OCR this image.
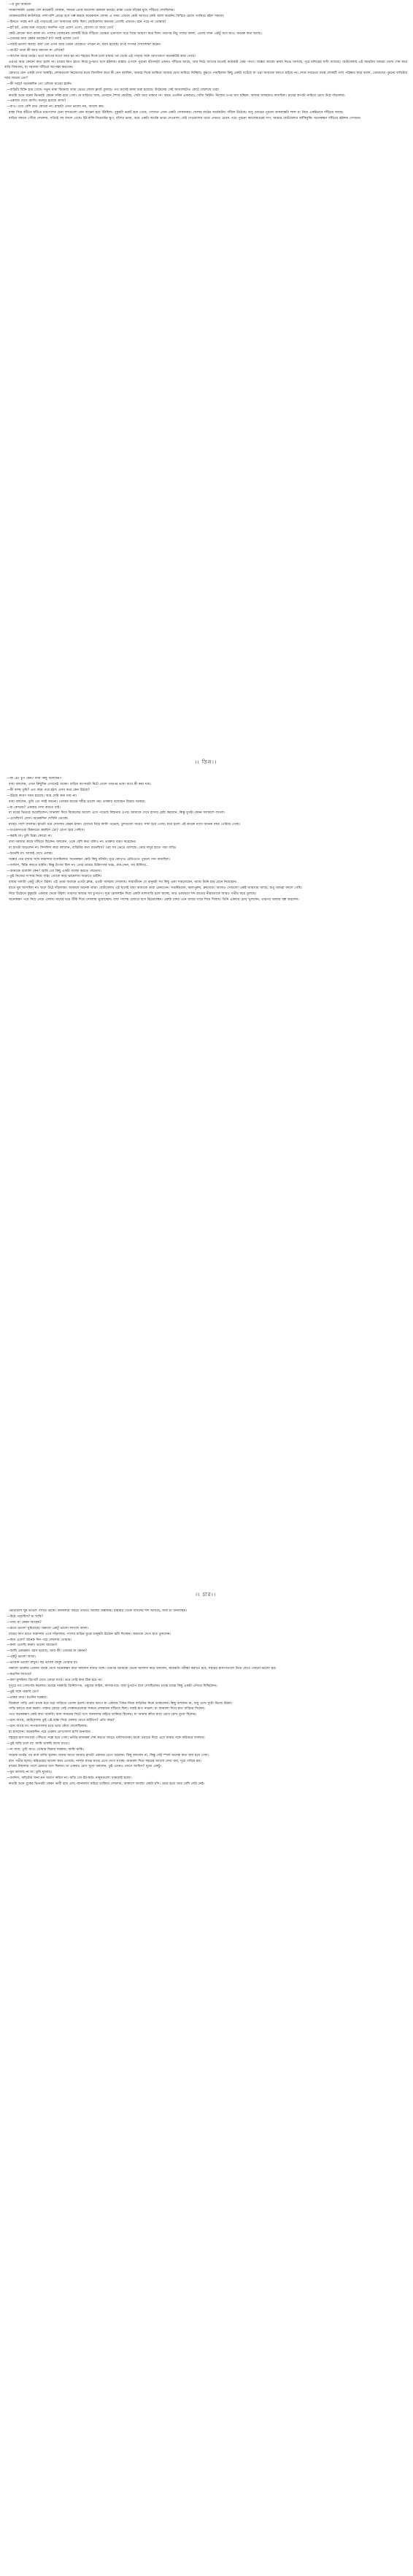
—ই তুম আমনে!

সামনাসামনি এরকম বেশ কয়েকটি দোকান, সামনে তোর আলোয় ঝলমল করছে। রাস্তা থেকে বাঁকের মুখে দাঁড়িয়ে দেখছিলাম।

দোকানগুলির কাউন্টারে পাশাপাশি বেঞ্চে বসে গল্প করছে কয়েকজন লোক। এ সময় এখানে কেউ আসবে কেউ আশা করেনি। বিস্মিত চোখে তাকিয়ে রইল সকলে।

—চিনতে পারছ না? এই পাড়াতেই তো আমাদের বাড়ি ছিল। ছোটবেলায় কতবার এসেছি এখানে। মনে পড়ে না তোমার?

—হ্যাঁ হ্যাঁ, এবার মনে পড়েছে। কতদিন পরে এলে! এসো, বোসো। চা খাবে তো?

কেউ কোনো কথা বলল না। পাশের দোকানের লোকটি উঠে দাঁড়িয়ে বেঞ্চের একপাশে সরে গিয়ে জায়গা করে দিল। তারপর নিচু গলায় বলল, এসেছ যখন একটু বসে যাও। অনেক কথা আছে।

—তোমার বাবা কেমন আছেন? মা? সবাই ভালো তো?

—সবাই ভালো আছে। বাবা তো এখন আর তেমন বেরোতে পারেন না, বয়স হয়েছে। মা-ই সংসার দেখাশোনা করেন।

—তা-ই? তারা কী আর আসেন না এদিকে?

—আসেন মাঝে মাঝে। তবে আগের মতো আর হয় না। শহরের দিকে চলে যাবার পর থেকে এই পাড়ার সঙ্গে যোগাযোগ অনেকটাই কমে গেছে।

এরপর আর কোনো কথা হলো না। চায়ের কাপ হাতে নিয়ে চুপচাপ বসে রইলাম। রাস্তার ওপাশে পুরনো বটগাছটা এখনও দাঁড়িয়ে আছে, তার নিচে আগের মতোই কয়েকটা বেঞ্চ পাতা। সন্ধের আলো ক্রমশ নিভে আসছে, দূরে মন্দিরের ঘণ্টা বাজছে। ছোটবেলায় এই সময়টায় আমরা খেলা শেষ করে বাড়ি ফিরতাম, মা দরজায় দাঁড়িয়ে অপেক্ষা করতেন।

কোথাও যেন একটা চাপা অস্বস্তি। লোকগুলো নিজেদের মধ্যে ফিসফিস করে কী যেন বলছিল, আমার দিকে তাকিয়ে আবার চোখ নামিয়ে নিচ্ছিল। বুঝতে পারছিলাম কিছু একটা ঘটেছে যা ওরা আমাকে বলতে চাইছে না। শেষে সবচেয়ে বয়স্ক লোকটি গলা পরিষ্কার করে বলল, তোমাদের পুরনো বাড়িটার খবর জানো তো?

—কী খবর? অনেকদিন তো ওদিকে যাওয়া হয়নি।

—বাড়িটা বিক্রি হয়ে গেছে। নতুন যারা কিনেছে তারা ভেঙে ফেলে ফ্ল্যাট তুলছে। গত মাসেই কাজ শুরু হয়েছে। উঠোনের সেই আমগাছটাও কেটে ফেলেছে ওরা।

কথাটা শুনে মনের ভিতরটা কেমন ফাঁকা হয়ে গেল। যে বাড়িতে জন্ম, যেখানে শৈশব কেটেছে, সেটা আর থাকবে না। অথচ এতদিন একবারও খোঁজ নিইনি। নিজের ওপর রাগ হচ্ছিল, আবার অসহায়ও লাগছিল। চায়ের কাপটা নামিয়ে রেখে উঠে দাঁড়ালাম।

—একবার দেখে আসি। কতদূর হয়েছে কাজ?

—যাও। তবে বেশি রাত কোরো না। রাস্তাটা এখন ভালো নয়, আলো কম।

রাস্তা দিয়ে হাঁটতে হাঁটতে চারপাশের চেনা দৃশ্যগুলো যেন অচেনা হয়ে উঠছিল। পুকুরটা ভরাট হয়ে গেছে, সেখানে এখন একটা দোকানঘর। খেলার মাঠের অর্ধেকটায় পাঁচিল উঠেছে। শুধু মোড়ের পুরনো ডাকবাক্সটা লাল রং নিয়ে একইভাবে দাঁড়িয়ে আছে।

বাড়ির সামনে পৌঁছে দেখলাম, সত্যিই সব বদলে গেছে। ইট-বালি-সিমেন্টের স্তূপ, বাঁশের ভারা, আর একটা অর্ধেক ভাঙা দেওয়াল। সেই দেওয়ালের গায়ে এখনও চোখে পড়ে পুরনো ক্যালেন্ডারের দাগ, আমার ছোটবেলার আঁকিবুকি। অনেকক্ষণ দাঁড়িয়ে রইলাম সেখানে।

।। তিন।।

—কী রে? চুপ কেন? বাবা কিছু বলেছেন?

বাবা বললেন, এখন কিছুদিন এখানেই থাকো। বাড়ির ব্যাপারটা মিটে গেলে তারপর ভাবা যাবে কী করা যায়।

—কী বলছ তুমি? এত বছর পরে হঠাৎ এসব কথা কেন উঠছে?

—উঠছে কারণ সময় হয়েছে। আর দেরি করা যায় না।

বাবা বললেন, তুমি তো সবই জানো। তোমার মায়ের শরীর ভালো নয়। ডাক্তার বলেছেন বিশ্রাম দরকার।

—মা কোথায়? একবার দেখা করতে চাই।

মা ঘরের ভিতরে শুয়েছিলেন। জানালা দিয়ে বিকেলের আলো এসে পড়েছে বিছানার ওপর। আমাকে দেখে হাসার চেষ্টা করলেন, কিন্তু মুখটা কেমন ফ্যাকাশে লাগল।

—এসেছিস? বোস। অনেকদিন দেখিনি তোকে।

মায়ের পাশে বসলাম। হাতটা ধরে দেখলাম কেমন ঠান্ডা। চোখের নিচে কালি পড়েছে, চুলগুলো আরও সাদা হয়ে গেছে। মনে হলো এই কয়েক মাসে অনেক বছর পেরিয়ে গেছে।

—খাওয়াদাওয়া ঠিকমতো করছিস তো? রোগা হয়ে গেছিস।

—করছি মা। তুমি চিন্তা কোরো না।

বাবা দরজার কাছে দাঁড়িয়ে ছিলেন। বললেন, ওকে বেশি কথা বলিও না। ডাক্তার বারণ করেছেন।

মা হাতটা ছাড়লেন না। ফিসফিস করে বললেন, বাড়িটার কথা শুনেছিস? ওরা সব ভেঙে ফেলছে। তোর দাদুর হাতে গড়া বাড়ি।

—শুনেছি মা। আজই দেখে এলাম।

সন্ধের পরে বাবার সঙ্গে বারান্দায় বসেছিলাম। অনেকক্ষণ কেউ কিছু বলিনি। দূরে কোথাও রেডিওতে পুরনো গান বাজছিল।

—জানিস, বিক্রি করতে চাইনি। কিন্তু উপায় ছিল না। তোর মায়ের চিকিৎসার খরচ, ধার-দেনা, সব মিলিয়ে...

—আমাকে বলোনি কেন? আমি তো কিছু একটা ব্যবস্থা করতে পারতাম।

—তুই নিজের সংসার নিয়ে ব্যস্ত। তোকে আর ঝামেলায় জড়াতে চাইনি।

বাবার গলাটা একটু কেঁপে উঠল। এই প্রথম বাবাকে এতটা ক্লান্ত, এতটা অসহায় দেখলাম। সারাজীবন যে মানুষটা সব কিছু একা সামলেছেন, আজ তিনি হার মেনে নিয়েছেন।

রাতে ঘুম আসছিল না। ছাদে উঠে দাঁড়ালাম। আকাশে অনেক তারা। ছোটবেলায় এই ছাদেই বাবা আমাকে তারা চেনাতেন। সপ্তর্ষিমণ্ডল, কালপুরুষ, ধ্রুবতারা। আজও সেগুলো একই জায়গায় আছে, শুধু আমরা বদলে গেছি।

নিচে উঠোনে কুকুরটা একবার ডেকে উঠল। তারপর আবার সব চুপচাপ। দূরে রেললাইন দিয়ে একটা মালগাড়ি চলে যাচ্ছে, তার একঘেয়ে শব্দ রাতের নীরবতাকে আরও গভীর করে তুলছে।

অনেকক্ষণ পরে নিচে নেমে এলাম। মায়ের ঘরে উঁকি দিয়ে দেখলাম ঘুমোচ্ছেন। বাবা পাশের চেয়ারে বসে ঝিমোচ্ছেন। একটা চাদর এনে বাবার গায়ে দিয়ে দিলাম। তিনি একবার চোখ খুললেন, তারপর আবার বন্ধ করলেন।

।। চার।।

ভোরবেলা ঘুম ভাঙল পাখির ডাকে। জানালার বাইরে তখনও আবছা অন্ধকার। রান্নাঘর থেকে বাসনের শব্দ আসছে, বাবা চা বানাচ্ছেন।

—উঠে পড়েছিস? চা খাবি?

—খাব। মা কেমন আছেন?

—রাতে ভালো ঘুমিয়েছে। সকালে একটু ভালো লাগছে বলল।

চায়ের কাপ হাতে বারান্দায় এসে দাঁড়ালাম। পাশের বাড়ির বুড়ো মানুষটা উঠোন ঝাঁট দিচ্ছেন। আমাকে দেখে হাত তুললেন।

—কবে এলে? অনেক দিন পরে দেখলাম তোমায়।

—কাল এসেছি কাকা। ভালো আছেন?

—আছি একরকম। বয়স হয়েছে, আর কী। তোমার মা কেমন?

—একটু ভালো আজ।

—ভগবান ভালো রাখুন। বড় ভালো মানুষ তোমার মা।

সকালে ডাক্তার এলেন। মাকে দেখে অনেকক্ষণ কথা বললেন বাবার সঙ্গে। তারপর আমাকে ডেকে আলাদা করে বললেন, কয়েকটা পরীক্ষা করাতে হবে, শহরের হাসপাতালে নিয়ে যেতে পারলে ভালো হয়।

—কতদিন লাগবে?

—বলা মুশকিল। রিপোর্ট দেখে বোঝা যাবে। তবে দেরি করা ঠিক হবে না।

দুপুরে সব গোছগাছ করলাম। মায়ের দরকারি জিনিসপত্র, ওষুধের ফাইল, কাগজপত্র। বাবা চুপচাপ বসে দেখছিলেন। মাঝে মাঝে কিছু একটা এগিয়ে দিচ্ছিলেন।

—তুই সঙ্গে থাকবি তো?

—থাকব বাবা। যতদিন দরকার।

বিকেলে গাড়ি এল। মাকে ধরে ধরে গাড়িতে তোলা হলো। যাবার আগে মা একবার পিছন ফিরে বাড়িটার দিকে তাকালেন। কিছু বললেন না, শুধু চোখ দুটো ভিজে উঠল।

গাড়ি চলতে শুরু করল। পাড়ার মোড়ে সেই দোকানগুলোর সামনে লোকজন দাঁড়িয়ে ছিল। সবাই হাত নাড়ল। মা জানালা দিয়ে হাত বাড়িয়ে দিলেন।

পথে অনেকক্ষণ কেউ কথা বলেনি। বাবা সামনের সিটে বসে জানালার বাইরে তাকিয়ে ছিলেন। মা আমার কাঁধে মাথা রেখে চোখ বুজে ছিলেন।

—মনে আছে, ছোটবেলায় তুই এই রাস্তা দিয়ে মেলায় যেতে চাইতিস? প্রতি বছর?

—মনে আছে মা। নাগরদোলায় চড়ে ভয়ে কেঁদে ফেলেছিলাম।

মা হাসলেন। অনেকদিন পরে এরকম প্রাণখোলা হাসি শুনলাম।

শহরের হাসপাতালে পৌঁছতে সন্ধে হয়ে গেল। ভর্তির কাজকর্ম শেষ করতে আরও ঘণ্টাখানেক। মাকে ওয়ার্ডে দিয়ে এসে বাবার সঙ্গে করিডরে বসলাম।

—তুই বাড়ি চলে যা। আমি থাকছি আজ রাতে।

—না বাবা, তুমি যাও। তোমার বিশ্রাম দরকার। আমি থাকি।

অনেক তর্কের পর বাবা রাজি হলেন। যাবার আগে আমার হাতটা একবার চেপে ধরলেন। কিছু বললেন না, কিন্তু সেই স্পর্শে অনেক কথা বলা হয়ে গেল।

রাত গভীর হলো। করিডরের আলো কমে এসেছে। নার্সরা মাঝে মাঝে এসে দেখে যাচ্ছে। জানালা দিয়ে শহরের আলো দেখা যায়, দূরে গাড়ির হর্ন।

মায়ের বিছানার পাশে চেয়ারে বসে ছিলাম। মা একবার চোখ খুলে বললেন, তুই এখনও জেগে আছিস? ঘুমো একটু।

—ঘুম আসছে না মা। তুমি ঘুমোও।

—জানিস, বাড়িটার জন্য মন খারাপ করিস না। বাড়ি তো ইট-কাঠ। মানুষগুলো থাকলেই হলো।

কথাটা শুনে বুকের ভিতরটা কেমন ভারী হয়ে এল। জানালার বাইরে তাকিয়ে দেখলাম, আকাশে আবছা একটা চাঁদ। ভোর হতে আর বেশি দেরি নেই।
